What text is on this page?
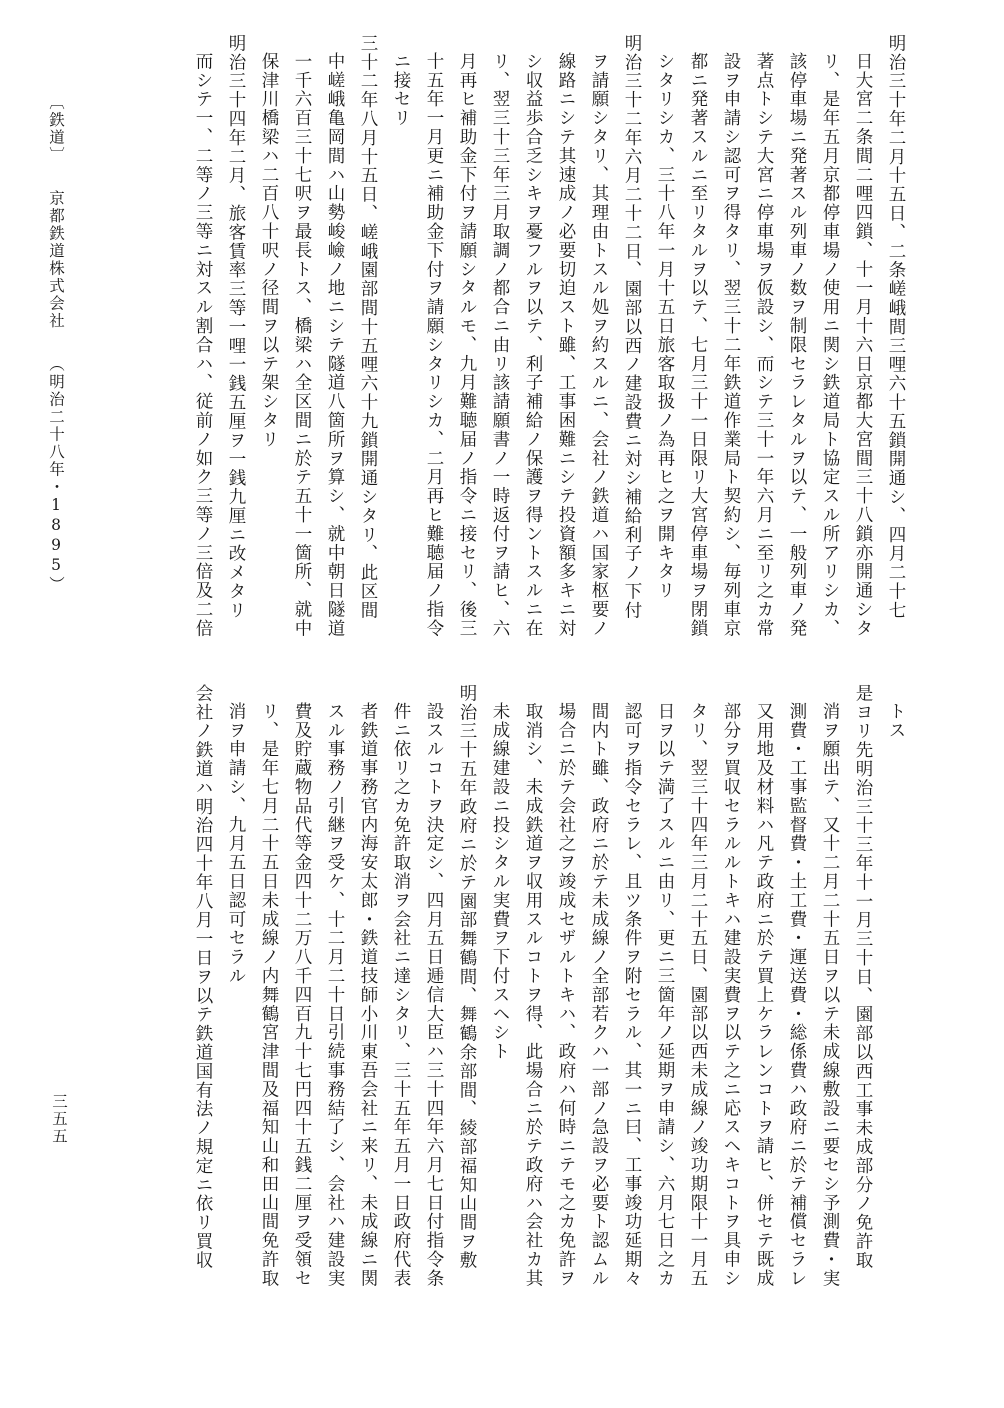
明治三十年二月十五日、二条嵯峨間三哩六十五鎖開通シ、四月二十七
日大宮二条間二哩四鎖、十一月十六日京都大宮間三十八鎖亦開通シタ
リ、是年五月京都停車場ノ使用ニ関シ鉄道局ト協定スル所アリシカ、
該停車場ニ発著スル列車ノ数ヲ制限セラレタルヲ以テ、一般列車ノ発
著点トシテ大宮ニ停車場ヲ仮設シ、而シテ三十一年六月ニ至リ之カ常
設ヲ申請シ認可ヲ得タリ、翌三十二年鉄道作業局ト契約シ、毎列車京
都ニ発著スルニ至リタルヲ以テ、七月三十一日限リ大宮停車場ヲ閉鎖
シタリシカ、三十八年一月十五日旅客取扱ノ為再ヒ之ヲ開キタリ
明治三十二年六月二十二日、園部以西ノ建設費ニ対シ補給利子ノ下付
ヲ請願シタリ、其理由トスル処ヲ約スルニ、会社ノ鉄道ハ国家枢要ノ
線路ニシテ其速成ノ必要切迫スト雖、工事困難ニシテ投資額多キニ対
シ収益歩合乏シキヲ憂フルヲ以テ、利子補給ノ保護ヲ得ントスルニ在
リ、翌三十三年三月取調ノ都合ニ由リ該請願書ノ一時返付ヲ請ヒ、六
月再ヒ補助金下付ヲ請願シタルモ、九月難聴届ノ指令ニ接セリ、後三
十五年一月更ニ補助金下付ヲ請願シタリシカ、二月再ヒ難聴届ノ指令
ニ接セリ
三十二年八月十五日、嵯峨園部間十五哩六十九鎖開通シタリ、此区間
中嵯峨亀岡間ハ山勢峻嶮ノ地ニシテ隧道八箇所ヲ算シ、就中朝日隧道
一千六百三十七呎ヲ最長トス、橋梁ハ全区間ニ於テ五十一箇所、就中
保津川橋梁ハ二百八十呎ノ径間ヲ以テ架シタリ
明治三十四年二月、旅客賃率三等一哩一銭五厘ヲ一銭九厘ニ改メタリ
而シテ一、二等ノ三等ニ対スル割合ハ、従前ノ如ク三等ノ三倍及二倍
トス
是ヨリ先明治三十三年十一月三十日、園部以西工事未成部分ノ免許取
消ヲ願出テ、又十二月二十五日ヲ以テ未成線敷設ニ要セシ予測費・実
測費・工事監督費・土工費・運送費・総係費ハ政府ニ於テ補償セラレ
又用地及材料ハ凡テ政府ニ於テ買上ケラレンコトヲ請ヒ、併セテ既成
部分ヲ買収セラルルトキハ建設実費ヲ以テ之ニ応スヘキコトヲ具申シ
タリ、翌三十四年三月二十五日、園部以西未成線ノ竣功期限十一月五
日ヲ以テ満了スルニ由リ、更ニ三箇年ノ延期ヲ申請シ、六月七日之カ
認可ヲ指令セラレ、且ツ条件ヲ附セラル、其一ニ曰、工事竣功延期々
間内ト雖、政府ニ於テ未成線ノ全部若クハ一部ノ急設ヲ必要ト認ムル
場合ニ於テ会社之ヲ竣成セザルトキハ、政府ハ何時ニテモ之カ免許ヲ
取消シ、未成鉄道ヲ収用スルコトヲ得、此場合ニ於テ政府ハ会社カ其
未成線建設ニ投シタル実費ヲ下付スヘシト
明治三十五年政府ニ於テ園部舞鶴間、舞鶴余部間、綾部福知山間ヲ敷
設スルコトヲ決定シ、四月五日逓信大臣ハ三十四年六月七日付指令条
件ニ依リ之カ免許取消ヲ会社ニ達シタリ、三十五年五月一日政府代表
者鉄道事務官内海安太郎・鉄道技師小川東吾会社ニ来リ、未成線ニ関
スル事務ノ引継ヲ受ケ、十二月二十日引続事務結了シ、会社ハ建設実
費及貯蔵物品代等金四十二万八千四百九十七円四十五銭二厘ヲ受領セ
リ、是年七月二十五日未成線ノ内舞鶴宮津間及福知山和田山間免許取
消ヲ申請シ、九月五日認可セラル
会社ノ鉄道ハ明治四十年八月一日ヲ以テ鉄道国有法ノ規定ニ依リ買収
〔鉄道〕京都鉄道株式会社（明治二十八年・1895）
三五五
